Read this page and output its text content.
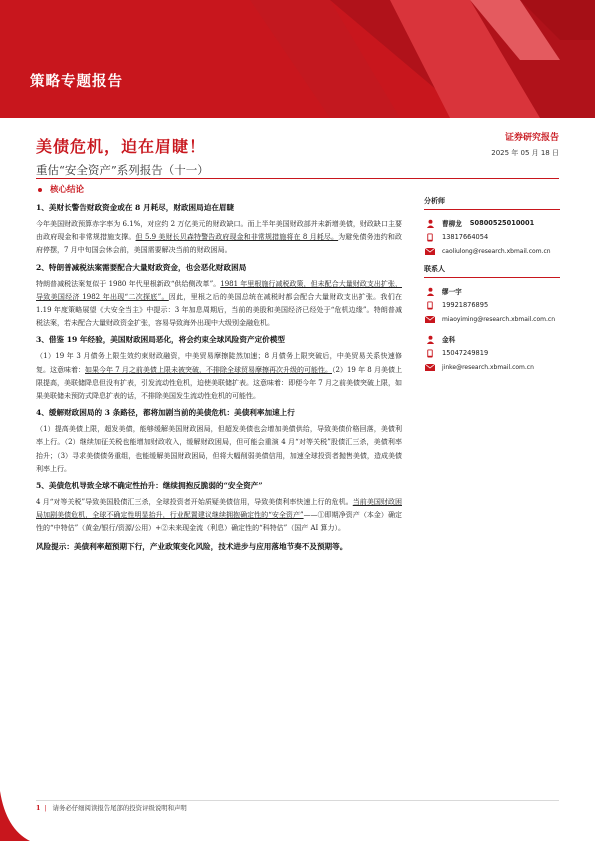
策略专题报告
美债危机，迫在眉睫！
重估“安全资产”系列报告（十一）
证券研究报告
2025 年 05 月 18 日
核心结论
1、美财长警告财政资金或在 8 月耗尽，财政困局迫在眉睫
今年美国财政预算赤字率为 6.1%，对应约 2 万亿美元的财政缺口。而上半年美国财政部并未新增美债，财政缺口主要由政府现金和非常规措施支撑。但 5.9 美财长贝森特警告政府现金和非常规措施将在 8 月耗尽。为避免债务违约和政府停摆，7 月中旬国会休会前，美国需要解决当前的财政困局。
2、特朗普减税法案需要配合大量财政资金，也会恶化财政困局
特朗普减税法案复似于 1980 年代里根新政“供给侧改革”。1981 年里根施行减税政策，但未配合大量财政支出扩张，导致美国经济 1982 年出现“二次探底”。因此，里根之后的美国总统在减税时都会配合大量财政支出扩张。我们在 1.19 年度策略展望《大安全当主》中提示：3 年加息周期后，当前的美股和美国经济已经处于“危机边缘”。特朗普减税法案，若未配合大量财政资金扩张，容易导致海外出现中大级别金融危机。
3、借鉴 19 年经验，美国财政困局恶化，将会约束全球风险资产定价模型
（1）19 年 3 月债务上限生效约束财政融资，中美贸易摩擦陡然加速；8 月债务上限突破后，中美贸易关系快速修复。这意味着：如果今年 7 月之前美债上限未被突破，不排除全球贸易摩擦再次升级的可能性。（2）19 年 8 月美债上限提高，美联储降息但没有扩表，引发流动性危机，迫使美联储扩表。这意味着：即便今年 7 月之前美债突破上限，如果美联储未预防式降息扩表的话，不排除美国发生流动性危机的可能性。
4、缓解财政困局的 3 条路径，都将加剧当前的美债危机：美债利率加速上行
（1）提高美债上限，超发美债，能够缓解美国财政困局，但超发美债也会增加美债供给，导致美债价格回落，美债利率上行。（2）继续加征关税也能增加财政收入，缓解财政困局，但可能会重演 4 月“对等关税”股债汇三杀，美债利率抬升；（3）寻求美债债务重组，也能缓解美国财政困局，但将大幅削弱美债信用，加速全球投资者抛售美债，造成美债利率上行。
5、美债危机导致全球不确定性抬升：继续拥抱反脆弱的“安全资产”
4 月“对等关税”导致美国股债汇三杀，全球投资者开始质疑美债信用，导致美债利率快速上行的危机。当前美国财政困局加剧美债危机，全球不确定性明显抬升，行业配置建议继续拥抱确定性的“安全资产”——①即期净资产（本金）确定性的“中特估”（黄金/银行/资源/公用）+②未来现金流（利息）确定性的“科特估”（国产 AI 算力）。
风险提示：美债利率超预期下行，产业政策变化风险，技术进步与应用落地节奏不及预期等。
分析师
曹柳龙 S0800525010001
13817664054
caoliulong@research.xbmail.com.cn
联系人
缪一宇
19921876895
miaoyiming@research.xbmail.com.cn
金科
15047249819
jinke@research.xbmail.com.cn
1 | 请务必仔细阅读报告尾部的投资评级说明和声明
